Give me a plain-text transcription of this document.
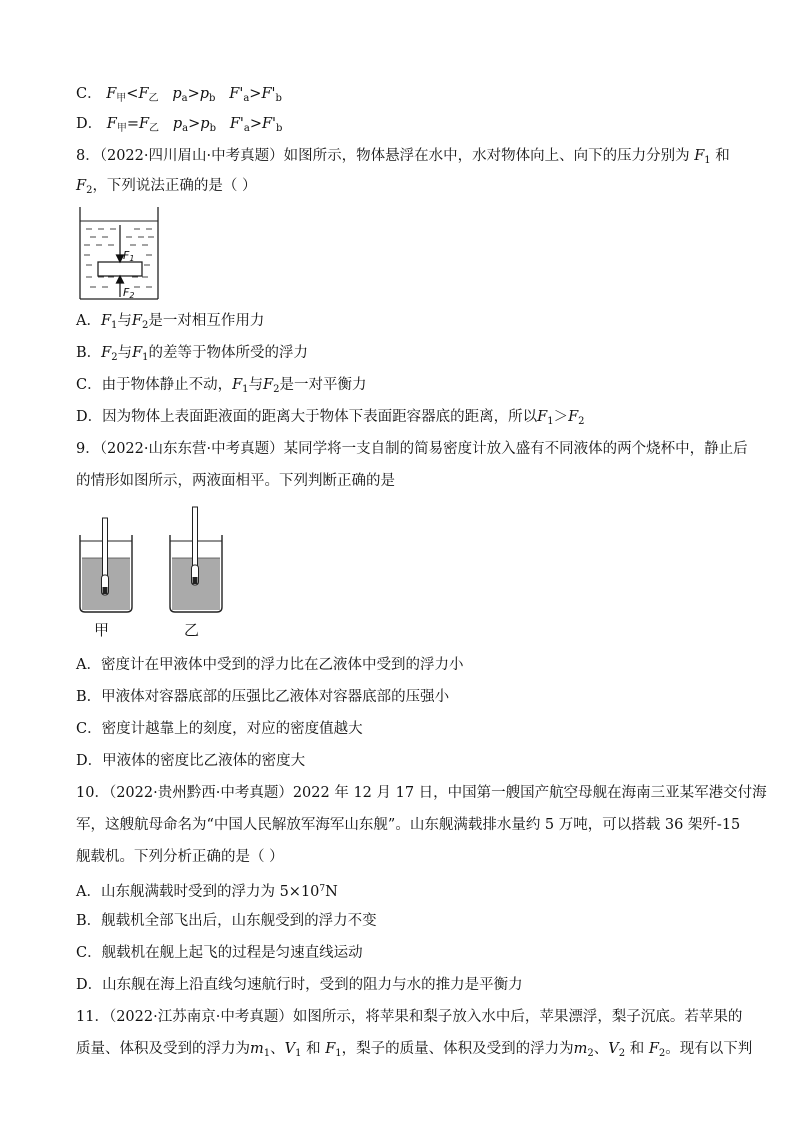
C． $F_甲<F_乙$ $p_a>p_b$ $F'_a>F'_b$
D． $F_甲=F_乙$ $p_a>p_b$ $F'_a>F'_b$
8．（2022·四川眉山·中考真题）如图所示，物体悬浮在水中，水对物体向上、向下的压力分别为 $F_1$ 和
$F_2$，下列说法正确的是（ ）
F1
F2
A．$F_1$与$F_2$是一对相互作用力
B．$F_2$与$F_1$的差等于物体所受的浮力
C．由于物体静止不动，$F_1$与$F_2$是一对平衡力
D．因为物体上表面距液面的距离大于物体下表面距容器底的距离，所以$F_1>F_2$
9．（2022·山东东营·中考真题）某同学将一支自制的简易密度计放入盛有不同液体的两个烧杯中，静止后
的情形如图所示，两液面相平。下列判断正确的是
甲	乙
A．密度计在甲液体中受到的浮力比在乙液体中受到的浮力小
B．甲液体对容器底部的压强比乙液体对容器底部的压强小
C．密度计越靠上的刻度，对应的密度值越大
D．甲液体的密度比乙液体的密度大
10．（2022·贵州黔西·中考真题）2022 年 12 月 17 日，中国第一艘国产航空母舰在海南三亚某军港交付海
军，这艘航母命名为“中国人民解放军海军山东舰”。山东舰满载排水量约 5 万吨，可以搭载 36 架歼-15
舰载机。下列分析正确的是（ ）
A．山东舰满载时受到的浮力为 $5\times 10^7N$
B．舰载机全部飞出后，山东舰受到的浮力不变
C．舰载机在舰上起飞的过程是匀速直线运动
D．山东舰在海上沿直线匀速航行时，受到的阻力与水的推力是平衡力
11．（2022·江苏南京·中考真题）如图所示，将苹果和梨子放入水中后，苹果漂浮，梨子沉底。若苹果的
质量、体积及受到的浮力为$m_1$、$V_1$ 和 $F_1$，梨子的质量、体积及受到的浮力为$m_2$、$V_2$ 和 $F_2$。现有以下判
